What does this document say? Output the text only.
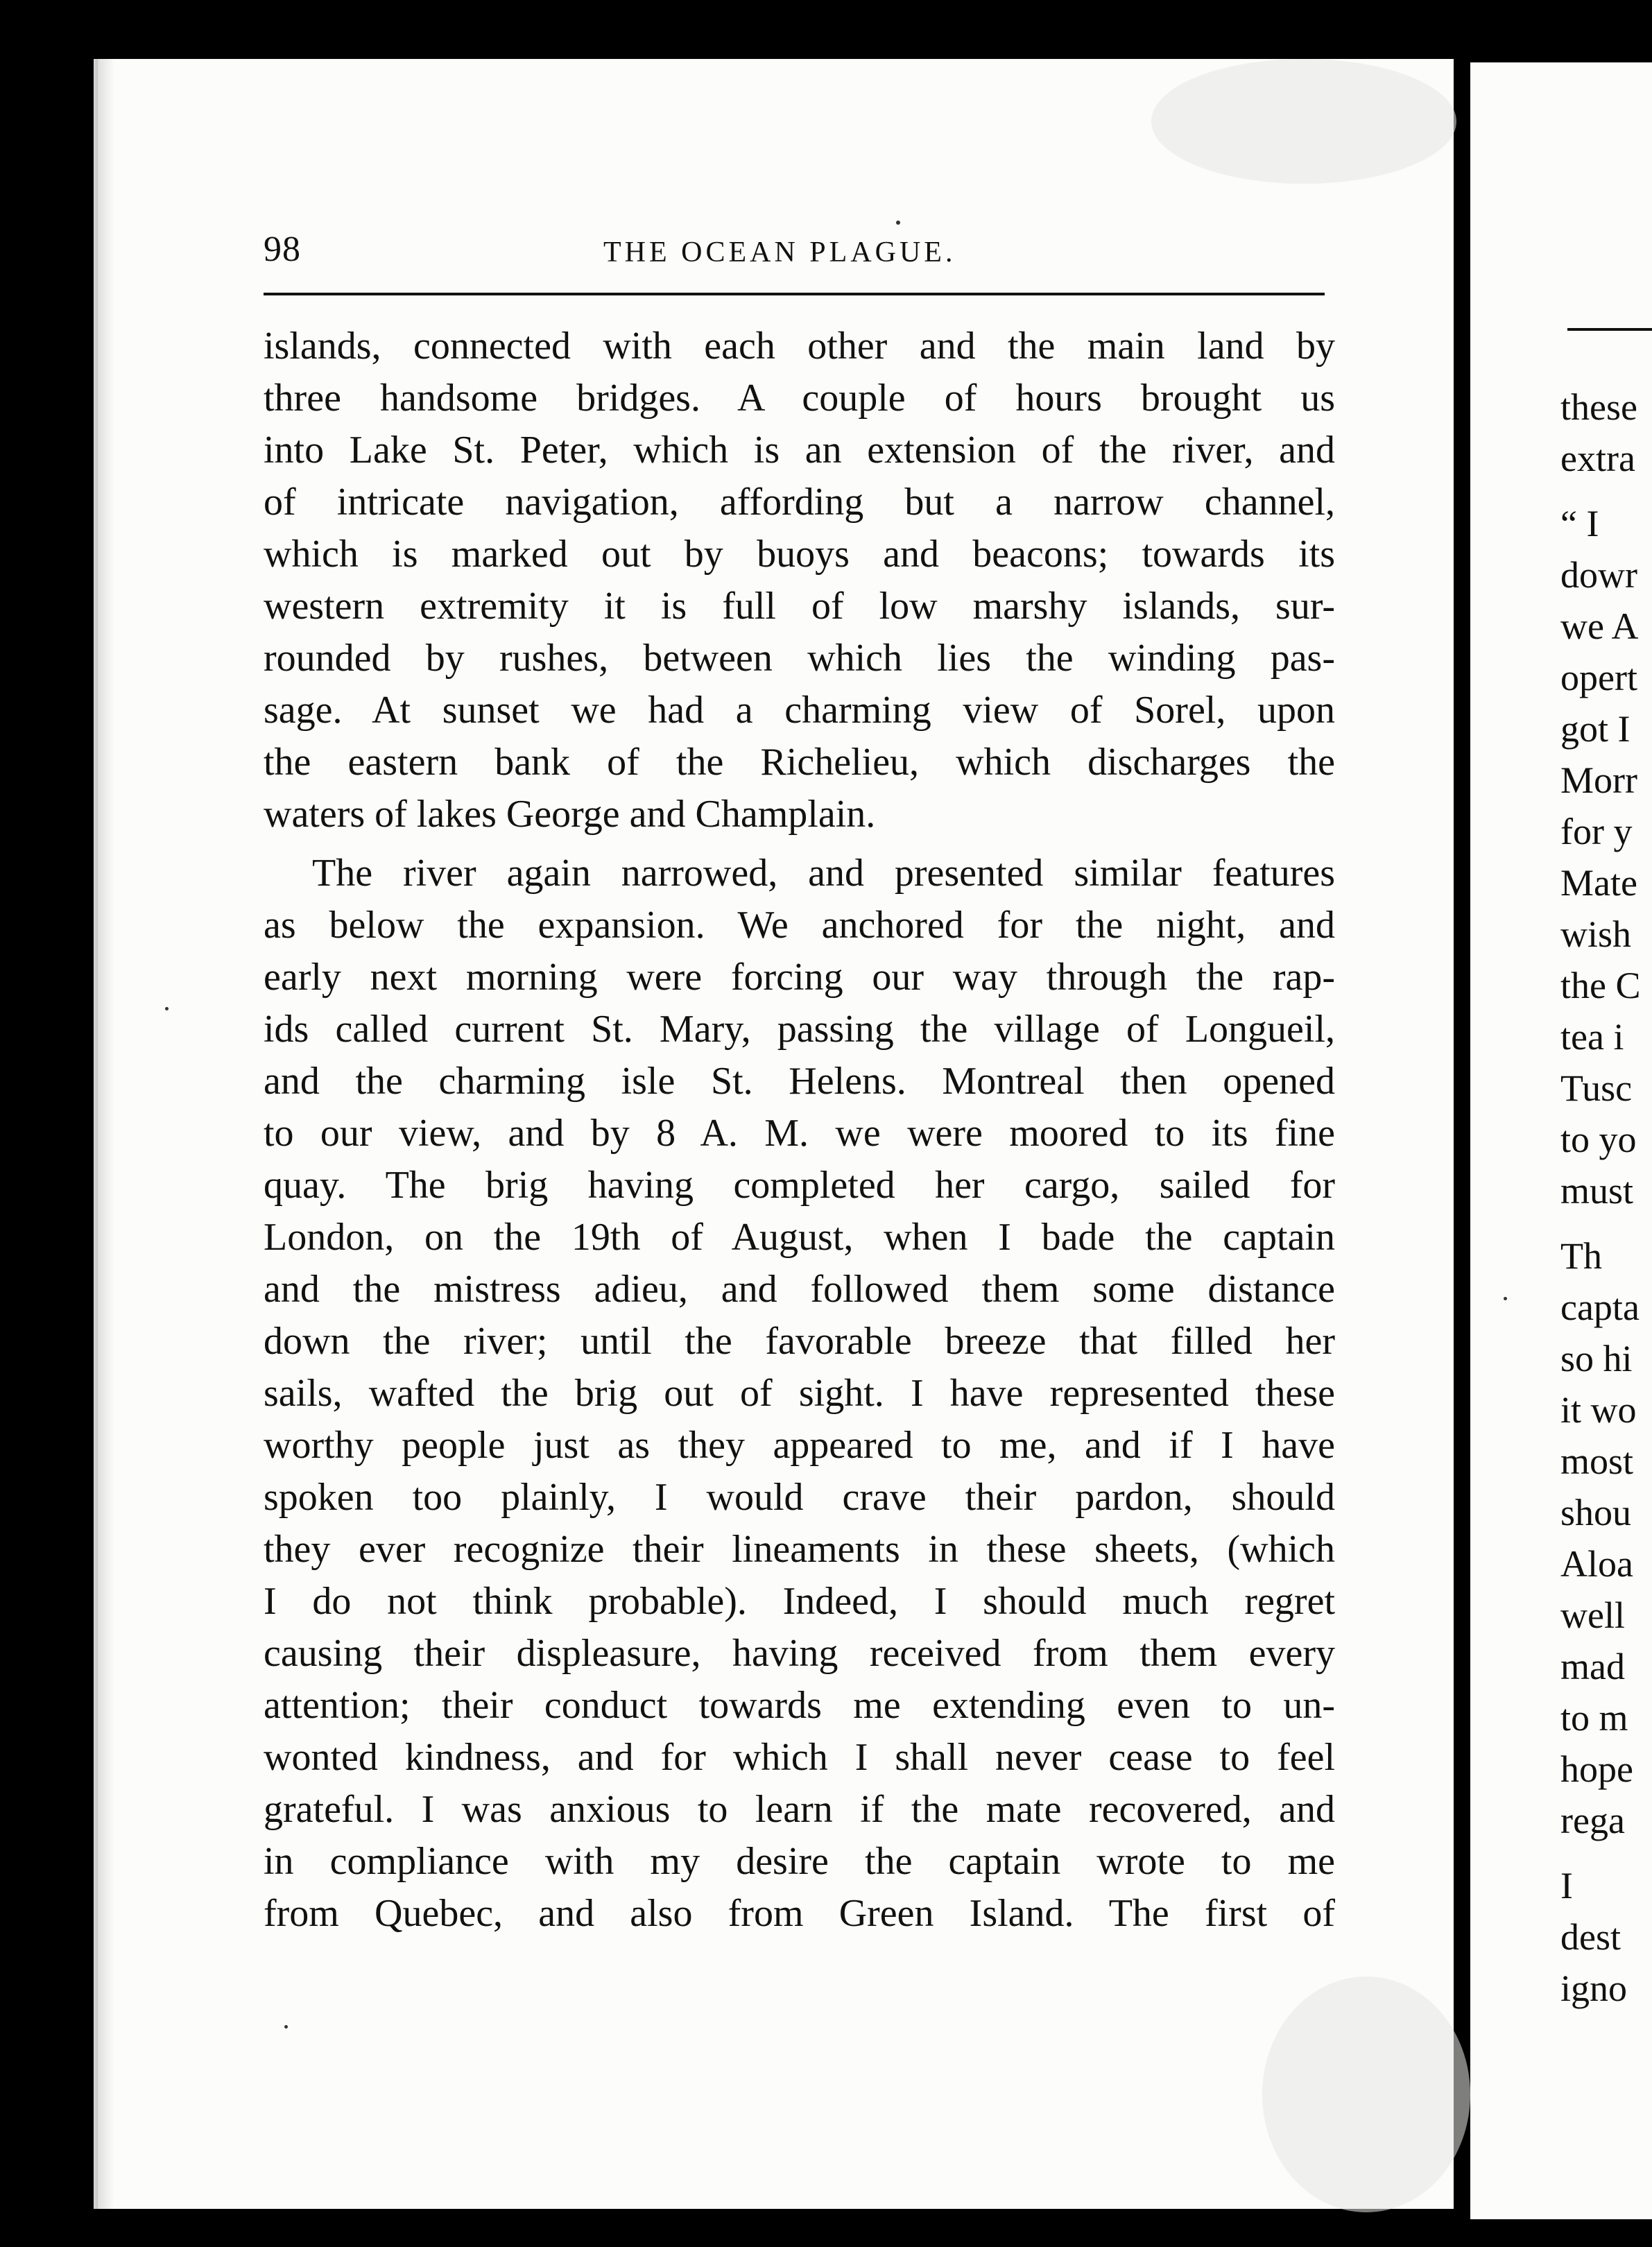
98	THE OCEAN PLAGUE.
islands, connected with each other and the main land by
three handsome bridges. A couple of hours brought us
into Lake St. Peter, which is an extension of the river, and
of intricate navigation, affording but a narrow channel,
which is marked out by buoys and beacons; towards its
western extremity it is full of low marshy islands, sur-
rounded by rushes, between which lies the winding pas-
sage. At sunset we had a charming view of Sorel, upon
the eastern bank of the Richelieu, which discharges the
waters of lakes George and Champlain.
The river again narrowed, and presented similar features
as below the expansion. We anchored for the night, and
early next morning were forcing our way through the rap-
ids called current St. Mary, passing the village of Longueil,
and the charming isle St. Helens. Montreal then opened
to our view, and by 8 A. M. we were moored to its fine
quay. The brig having completed her cargo, sailed for
London, on the 19th of August, when I bade the captain
and the mistress adieu, and followed them some distance
down the river; until the favorable breeze that filled her
sails, wafted the brig out of sight. I have represented these
worthy people just as they appeared to me, and if I have
spoken too plainly, I would crave their pardon, should
they ever recognize their lineaments in these sheets, (which
I do not think probable). Indeed, I should much regret
causing their displeasure, having received from them every
attention; their conduct towards me extending even to un-
wonted kindness, and for which I shall never cease to feel
grateful. I was anxious to learn if the mate recovered, and
in compliance with my desire the captain wrote to me
from Quebec, and also from Green Island. The first of
these
extra
“ I
dowr
we A
opert
got I
Morr
for y
Mate
wish
the C
tea i
Tusc
to yo
must
Th
capta
so hi
it wo
most
shou
Aloa
well
mad
to m
hope
rega
I
dest
igno
